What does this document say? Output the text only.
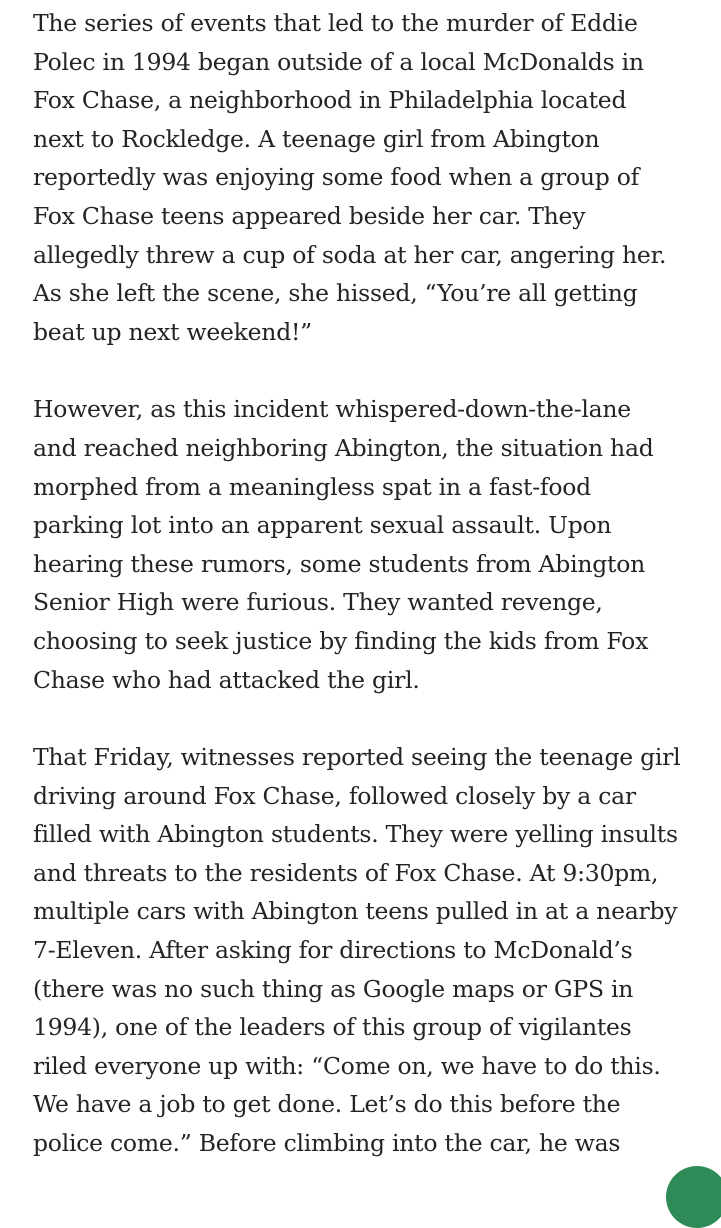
The series of events that led to the murder of Eddie
Polec in 1994 began outside of a local McDonalds in
Fox Chase, a neighborhood in Philadelphia located
next to Rockledge. A teenage girl from Abington
reportedly was enjoying some food when a group of
Fox Chase teens appeared beside her car. They
allegedly threw a cup of soda at her car, angering her.
As she left the scene, she hissed, “You’re all getting
beat up next weekend!”

However, as this incident whispered-down-the-lane
and reached neighboring Abington, the situation had
morphed from a meaningless spat in a fast-food
parking lot into an apparent sexual assault. Upon
hearing these rumors, some students from Abington
Senior High were furious. They wanted revenge,
choosing to seek justice by finding the kids from Fox
Chase who had attacked the girl.

That Friday, witnesses reported seeing the teenage girl
driving around Fox Chase, followed closely by a car
filled with Abington students. They were yelling insults
and threats to the residents of Fox Chase. At 9:30pm,
multiple cars with Abington teens pulled in at a nearby
7-Eleven. After asking for directions to McDonald’s
(there was no such thing as Google maps or GPS in
1994), one of the leaders of this group of vigilantes
riled everyone up with: “Come on, we have to do this.
We have a job to get done. Let’s do this before the
police come.” Before climbing into the car, he was
